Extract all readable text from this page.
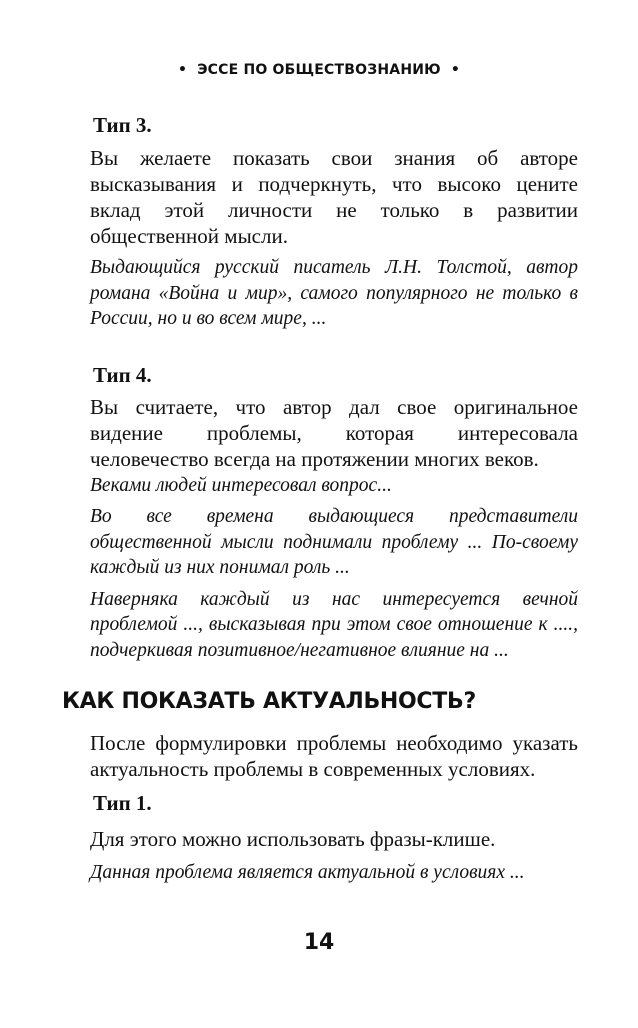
• ЭССЕ ПО ОБЩЕСТВОЗНАНИЮ •

Тип 3.

Вы желаете показать свои знания об авторе высказывания и подчеркнуть, что высоко цените вклад этой личности не только в развитии общественной мысли.

Выдающийся русский писатель Л.Н. Толстой, автор романа «Война и мир», самого популярного не только в России, но и во всем мире, ...

Тип 4.

Вы считаете, что автор дал свое оригинальное видение проблемы, которая интересовала человечество всегда на протяжении многих веков.

Веками людей интересовал вопрос...

Во все времена выдающиеся представители общественной мысли поднимали проблему ... По-своему каждый из них понимал роль ...

Наверняка каждый из нас интересуется вечной проблемой ..., высказывая при этом свое отношение к ...., подчеркивая позитивное/негативное влияние на ...

КАК ПОКАЗАТЬ АКТУАЛЬНОСТЬ?

После формулировки проблемы необходимо указать актуальность проблемы в современных условиях.

Тип 1.

Для этого можно использовать фразы-клише.

Данная проблема является актуальной в условиях ...

14
